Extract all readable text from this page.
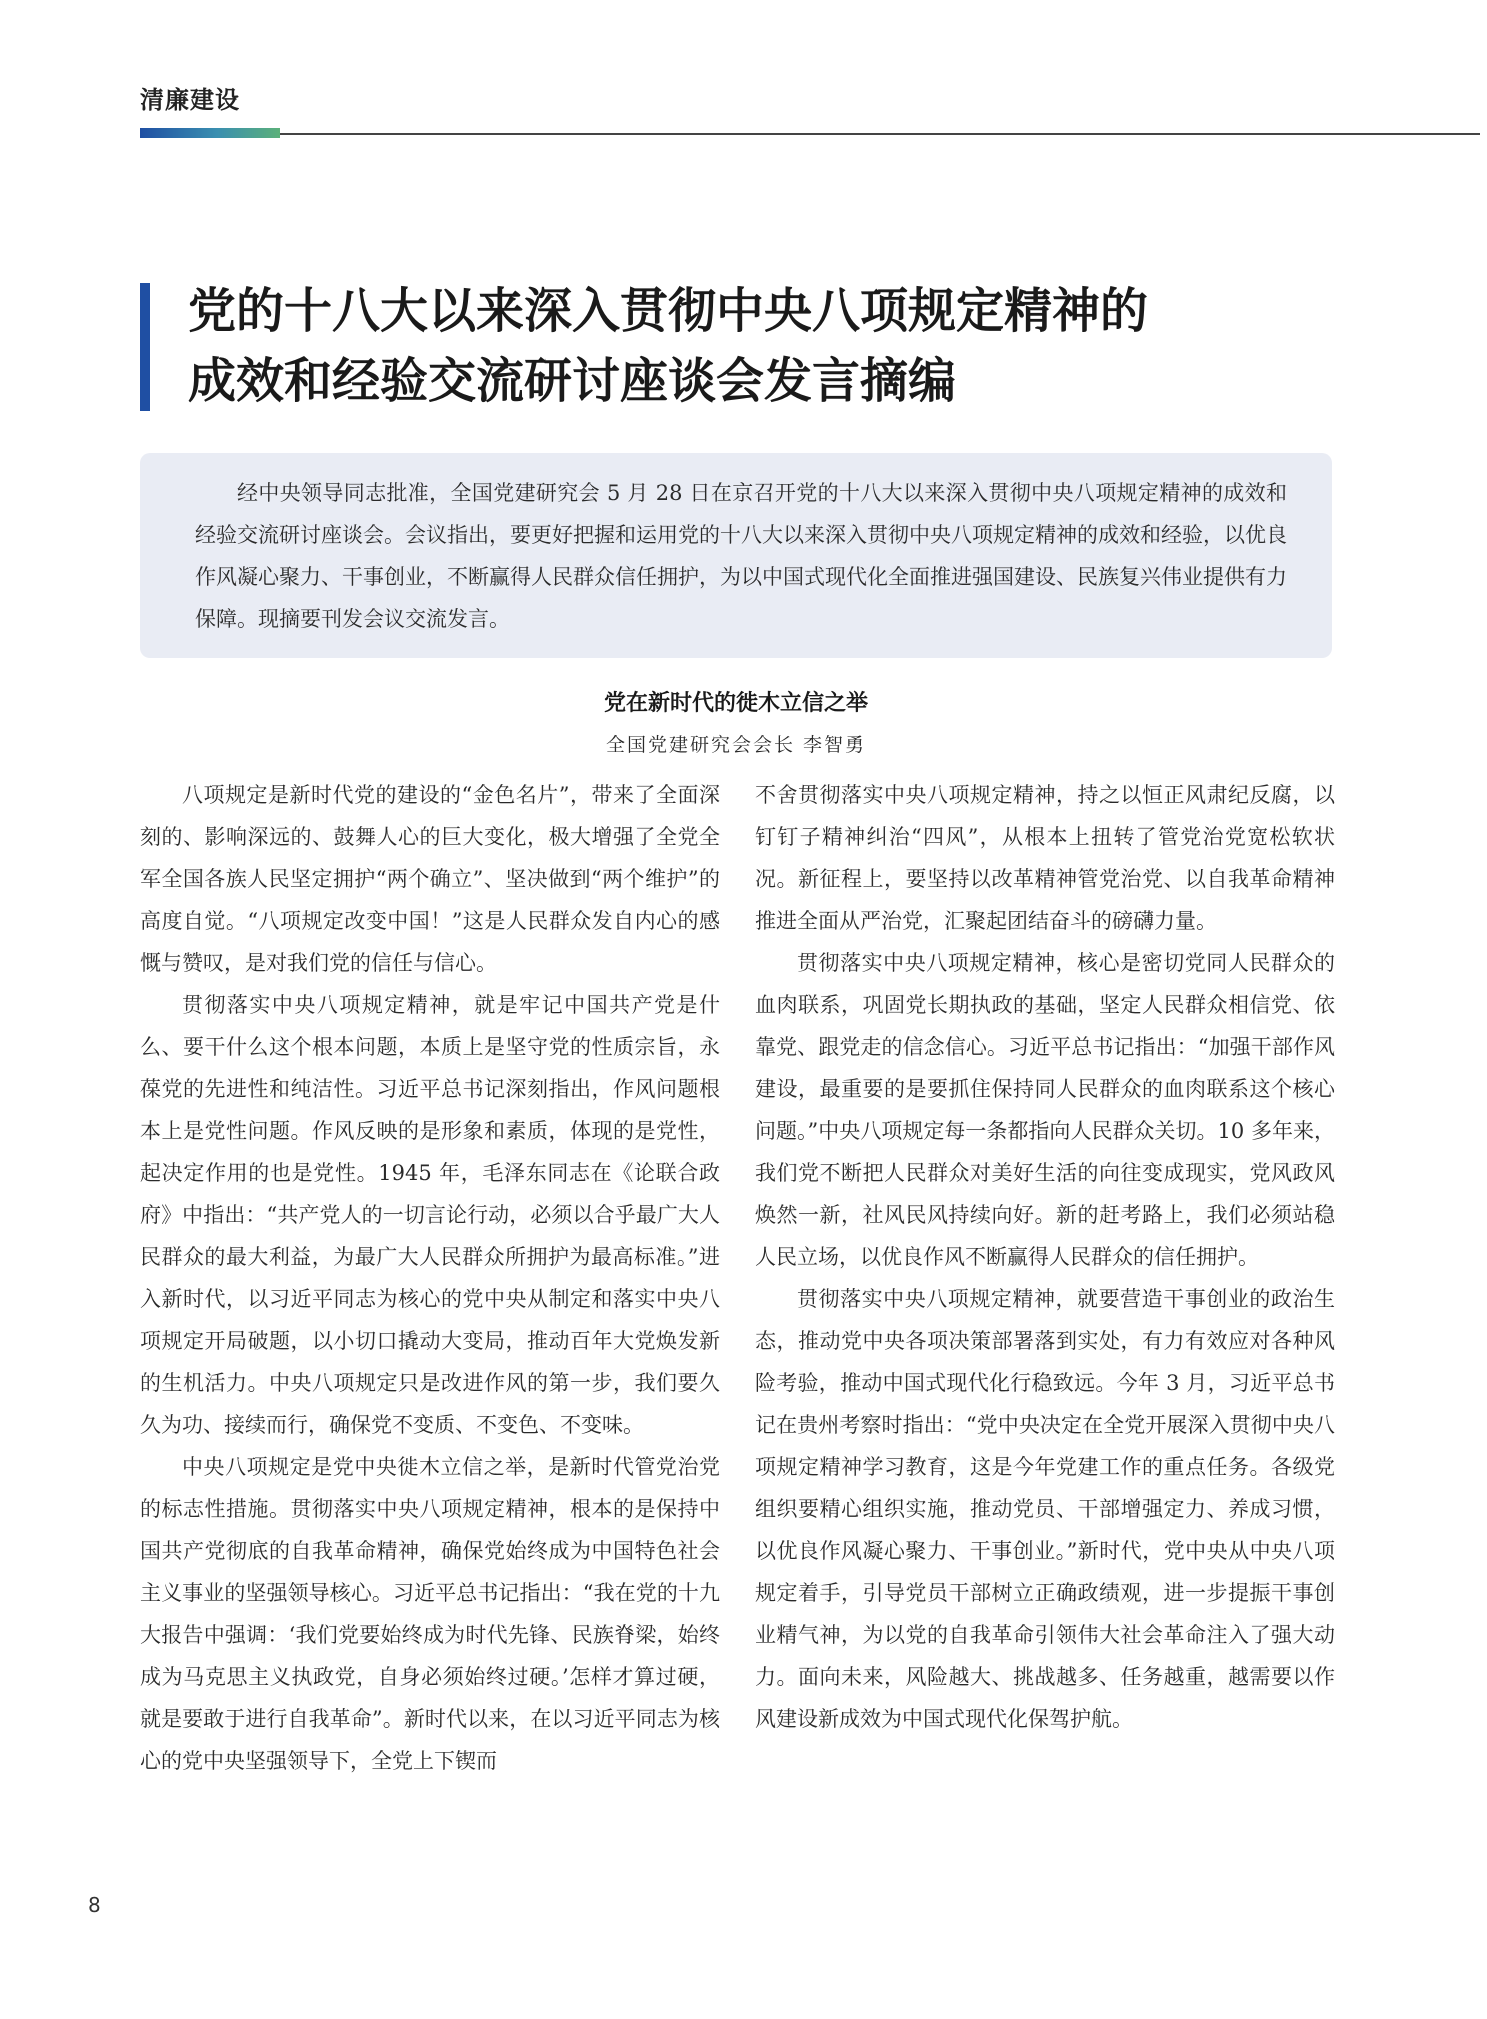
清廉建设
党的十八大以来深入贯彻中央八项规定精神的
成效和经验交流研讨座谈会发言摘编

经中央领导同志批准，全国党建研究会 5 月 28 日在京召开党的十八大以来深入贯彻中央八项规定精神的成效和经验交流研讨座谈会。会议指出，要更好把握和运用党的十八大以来深入贯彻中央八项规定精神的成效和经验，以优良作风凝心聚力、干事创业，不断赢得人民群众信任拥护，为以中国式现代化全面推进强国建设、民族复兴伟业提供有力保障。现摘要刊发会议交流发言。

党在新时代的徙木立信之举
全国党建研究会会长 李智勇

八项规定是新时代党的建设的“金色名片”，带来了全面深刻的、影响深远的、鼓舞人心的巨大变化，极大增强了全党全军全国各族人民坚定拥护“两个确立”、坚决做到“两个维护”的高度自觉。“八项规定改变中国！”这是人民群众发自内心的感慨与赞叹，是对我们党的信任与信心。

贯彻落实中央八项规定精神，就是牢记中国共产党是什么、要干什么这个根本问题，本质上是坚守党的性质宗旨，永葆党的先进性和纯洁性。习近平总书记深刻指出，作风问题根本上是党性问题。作风反映的是形象和素质，体现的是党性，起决定作用的也是党性。1945 年，毛泽东同志在《论联合政府》中指出：“共产党人的一切言论行动，必须以合乎最广大人民群众的最大利益，为最广大人民群众所拥护为最高标准。”进入新时代，以习近平同志为核心的党中央从制定和落实中央八项规定开局破题，以小切口撬动大变局，推动百年大党焕发新的生机活力。中央八项规定只是改进作风的第一步，我们要久久为功、接续而行，确保党不变质、不变色、不变味。

中央八项规定是党中央徙木立信之举，是新时代管党治党的标志性措施。贯彻落实中央八项规定精神，根本的是保持中国共产党彻底的自我革命精神，确保党始终成为中国特色社会主义事业的坚强领导核心。习近平总书记指出：“我在党的十九大报告中强调：‘我们党要始终成为时代先锋、民族脊梁，始终成为马克思主义执政党，自身必须始终过硬。’怎样才算过硬，就是要敢于进行自我革命”。新时代以来，在以习近平同志为核心的党中央坚强领导下，全党上下锲而

不舍贯彻落实中央八项规定精神，持之以恒正风肃纪反腐，以钉钉子精神纠治“四风”，从根本上扭转了管党治党宽松软状况。新征程上，要坚持以改革精神管党治党、以自我革命精神推进全面从严治党，汇聚起团结奋斗的磅礴力量。

贯彻落实中央八项规定精神，核心是密切党同人民群众的血肉联系，巩固党长期执政的基础，坚定人民群众相信党、依靠党、跟党走的信念信心。习近平总书记指出：“加强干部作风建设，最重要的是要抓住保持同人民群众的血肉联系这个核心问题。”中央八项规定每一条都指向人民群众关切。10 多年来，我们党不断把人民群众对美好生活的向往变成现实，党风政风焕然一新，社风民风持续向好。新的赶考路上，我们必须站稳人民立场，以优良作风不断赢得人民群众的信任拥护。

贯彻落实中央八项规定精神，就要营造干事创业的政治生态，推动党中央各项决策部署落到实处，有力有效应对各种风险考验，推动中国式现代化行稳致远。今年 3 月，习近平总书记在贵州考察时指出：“党中央决定在全党开展深入贯彻中央八项规定精神学习教育，这是今年党建工作的重点任务。各级党组织要精心组织实施，推动党员、干部增强定力、养成习惯，以优良作风凝心聚力、干事创业。”新时代，党中央从中央八项规定着手，引导党员干部树立正确政绩观，进一步提振干事创业精气神，为以党的自我革命引领伟大社会革命注入了强大动力。面向未来，风险越大、挑战越多、任务越重，越需要以作风建设新成效为中国式现代化保驾护航。

8
